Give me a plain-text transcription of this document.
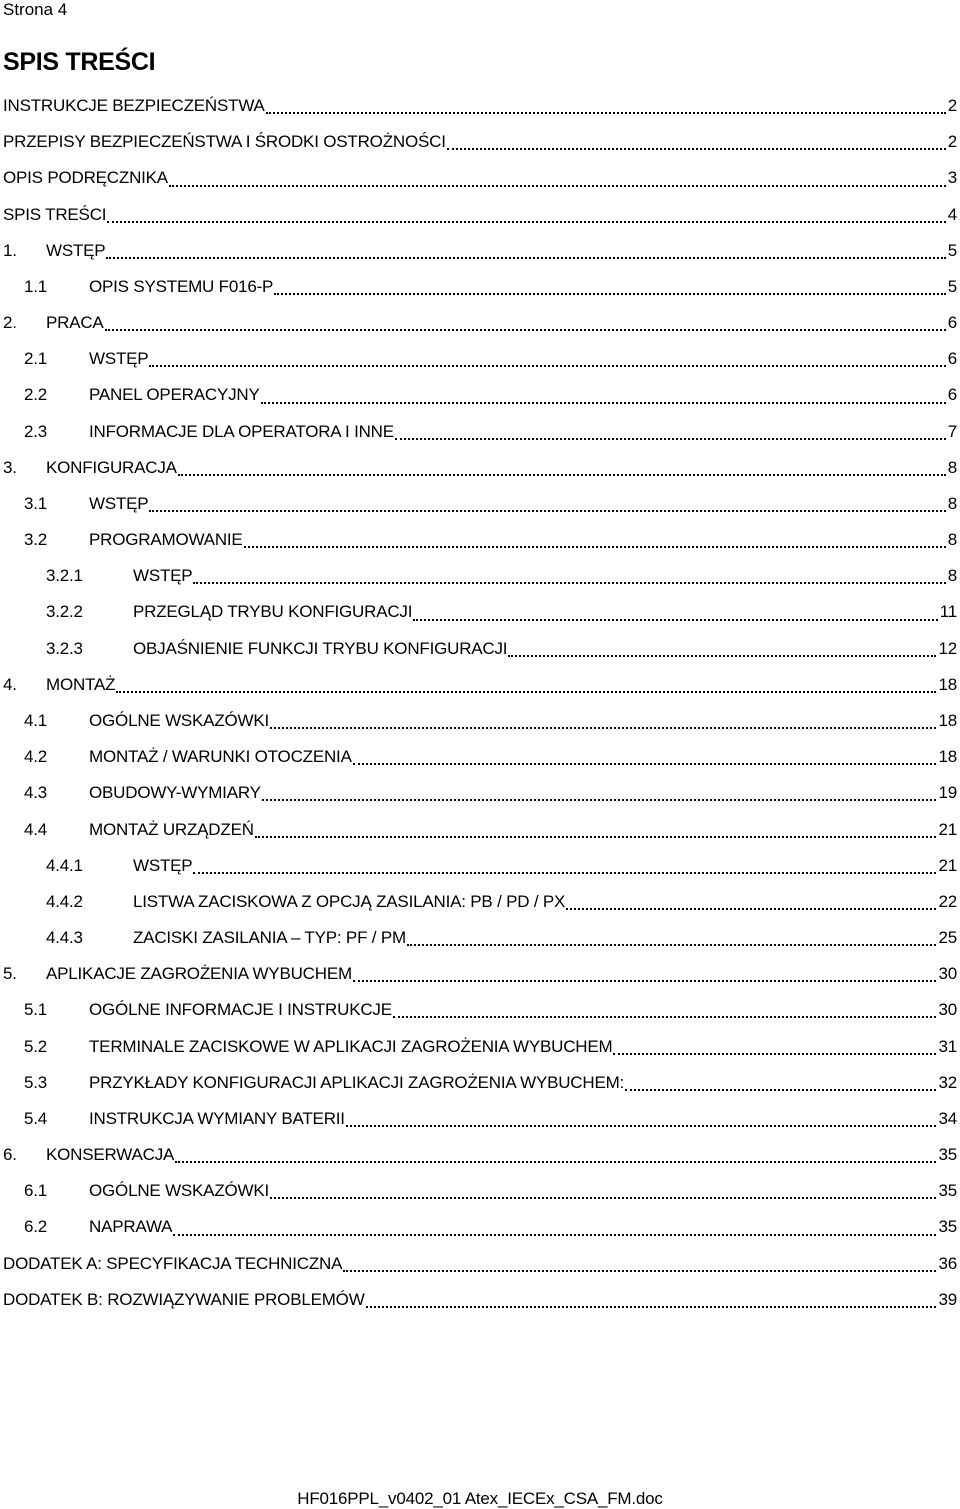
Strona 4
SPIS TREŚCI
INSTRUKCJE BEZPIECZEŃSTWA	2
PRZEPISY BEZPIECZEŃSTWA I ŚRODKI OSTROŻNOŚCI	2
OPIS PODRĘCZNIKA	3
SPIS TREŚCI	4
1.	WSTĘP	5
1.1	OPIS SYSTEMU F016-P	5
2.	PRACA	6
2.1	WSTĘP	6
2.2	PANEL OPERACYJNY	6
2.3	INFORMACJE DLA OPERATORA I INNE	7
3.	KONFIGURACJA	8
3.1	WSTĘP	8
3.2	PROGRAMOWANIE	8
3.2.1	WSTĘP	8
3.2.2	PRZEGLĄD TRYBU KONFIGURACJI	11
3.2.3	OBJAŚNIENIE FUNKCJI TRYBU KONFIGURACJI	12
4.	MONTAŻ	18
4.1	OGÓLNE WSKAZÓWKI	18
4.2	MONTAŻ / WARUNKI OTOCZENIA	18
4.3	OBUDOWY-WYMIARY	19
4.4	MONTAŻ URZĄDZEŃ	21
4.4.1	WSTĘP	21
4.4.2	LISTWA ZACISKOWA Z OPCJĄ ZASILANIA: PB / PD / PX	22
4.4.3	ZACISKI ZASILANIA – TYP: PF / PM	25
5.	APLIKACJE ZAGROŻENIA WYBUCHEM	30
5.1	OGÓLNE INFORMACJE I INSTRUKCJE	30
5.2	TERMINALE ZACISKOWE W APLIKACJI ZAGROŻENIA WYBUCHEM	31
5.3	PRZYKŁADY KONFIGURACJI APLIKACJI ZAGROŻENIA WYBUCHEM:	32
5.4	INSTRUKCJA WYMIANY BATERII	34
6.	KONSERWACJA	35
6.1	OGÓLNE WSKAZÓWKI	35
6.2	NAPRAWA	35
DODATEK A: SPECYFIKACJA TECHNICZNA	36
DODATEK B: ROZWIĄZYWANIE PROBLEMÓW	39
HF016PPL_v0402_01 Atex_IECEx_CSA_FM.doc
